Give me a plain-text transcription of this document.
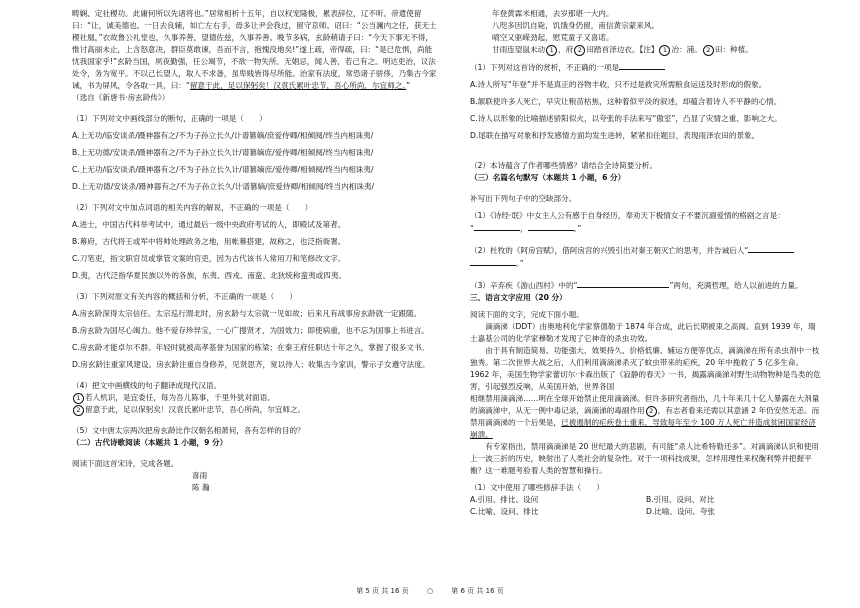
畴娴、定社稷功。此庸何所以先诸将也。”居常相析十五年，自以权宠隆极，累表辞位，辽不听。帝遣使留曰：“让，诚美德也。一日去良辅，如亡左右手，毋多让尹会我过，留守京师。诏曰：“公当澜内之任，获无土稷社凰，”衣故鲁公礼堂也，久事养善，望德佐兹，久事养善。晚节多病，玄龄稍请子曰：“今天下事无不得，惟讨高丽未止，上含怒意决，群臣莫敢谏，吾而不言，抱愧没地矣!”遂上疏，帝得疏，曰：“是已危惧，尚能忧我国家乎!”玄龄当国，夙夜勤强，任公竭节，不欲一物失所。无娼忌，闻人善，若己有之。明达吏治，议法处令，务为宽平。不以己长望人，取人不求备，虽卑贱皆得尽所能。治家有法度，常恐诸子骄侈，乃集古今家诫，书为屏风，令各取一具，曰：“留意于此，足以保躬矣！汉袁氏累叶忠节，吾心所尚，尔宜师之。”

（选自《新唐书·房玄龄传》）

（1）下列对文中画线部分的断句，正确的一项是（　　）

A.上无功/临安谈杀/蹑神器有之/不为子孙立长久/计谱篡嫡/庶爱侍卿/相倾阋/终当内相诛夷/

B.上无功德/安谈杀/蹑神器有之/不为子孙立长久计/谱篡嫡庶/爱侍卿/相倾阋/终当内相诛夷/

C.上无功/临安谈杀/蹑神器有之/不为子孙立长久计/谱篡嫡庶/爱侍卿/相倾阋/终当内相诛夷/

D.上无功德/安谈杀/蹑神器有之/不为子孙立长久/计谱篡嫡/庶爱侍卿/相倾阋/终当内相诛夷/

（2）下列对文中加点词语的相关内容的解说，不正确的一项是（　　）

A.进士，中国古代科举考试中，通过最后一级中央政府考试的人，即殿试及第者。

B.幕府，古代将王或军中将帅处理政务之地，用帐幕搭建，故称之，也泛指衙署。

C.刀笔吏，指文职官员或掌管文案的官吏，因为古代该书人常用刀和笔修改文字。

D.夷，古代泛指华夏民族以外的各族，东夷、西戎、南蛮、北狄统称蛮夷或四夷。

（3）下列对原文有关内容的概括和分析，不正确的一项是（　　）

A.房玄龄深得太宗信任。太宗巡行渭北时，房玄龄与太宗就一见如故；后来凡有战事房玄龄就一定跟随。

B.房玄龄为国尽心竭力。他不爱存珍异宝，一心广搜贤才，为国效力；即使病重，也不忘为国事上书进言。

C.房玄龄才能卓尔不群。年轻时就被高孝基誉为国家的栋梁；在秦王府任职达十年之久，掌握了很多文书。

D.房玄龄注重家风建设。房玄龄注重自身修养，见贤思齐，宽以待人；收集古今家训，警示子女遵守法度。

（4）把文中画横线的句子翻译成现代汉语。

1 若人机识，是宜委任，每为吾儿陈事，千里外犹对面语。

2 留意于此，足以保躬矣！汉袁氏累叶忠节，吾心所尚，尔宜师之。

（5）文中唐太宗两次把房玄龄比作汉朝名相萧何，各有怎样的目的？

（二）古代诗歌阅读（本题共 1 小题，9 分）

阅读下面这首宋诗，完成各题。

喜雨

陈 瀚

年登黄霖米相通，去岁那堪一大内。

八咫多因饥自毙，饥饿身仍留，甫信黄宗蒙来风。

晴空又驱嵘劲起，慰荒童子又喜诺。

甘雨连望鼠未动 1 ，府 2 田踏首泽边衣。【注】 1 冶：浦。 2 田：种植。

（1）下列对这首诗的赏析，不正确的一项是

A.诗人所写“年登”并不是真正的谷物丰收，只不过是救灾所需粮食运送及时形成的假象。

B.颔联使许多人死亡，早灾让粮苗枯焦，这种着似平淡的叙述，却蕴含着诗人不平静的心情。

C.诗人以形象的比喻描述骄阳似火，以夸张的手法来写“傲室”，凸显了灾情之重、影响之大。

D.尾联在描写对象和抒发感情方面均发生进转，紧紧扣住题目，表现雨泽农田的景象。

（2）本诗蕴含了作者哪些情感？请结合全诗简要分析。

（三）名篇名句默写（本题共 1 小题，6 分）

补写出下列句子中的空缺部分。

（1）《诗经·氓》中女主人公有感于自身经历，奉劝天下极情女子不要沉湎爱情的格剧之言是：

“	，	。”

（2）杜牧的《阿房宫赋》，借阿房宫的兴毁引出对秦王朝灭亡的思考，并告诫后人“。”

（3）辛弃疾《游山西村》中的“	”两句，充满哲理，给人以前进的力量。

三、语言文字应用（20 分）

阅读下面的文字，完成下面小题。

滴滴涕（DDT）由奥地利化学家蔡德勒于 1874 年合成，此后长期被束之高阁。直到 1939 年，瑞士嘉基公司的化学家穆勒才发现了它神奇的杀虫功效。

由于具有制造简易、功能强大、效果持久、价格低廉、辅运方便等优点，滴滴涕在所有杀虫剂中一枝独秀。第二次世界大战之后，人们利用滴滴涕杀灭了蚊虫带来的疟疾，20 年中挽救了 5 亿多生命。1962 年，美国生物学家蕾切尔·卡森出版了《寂静的春天》一书，揭露滴滴涕对野生动物物种是鸟类的危害，引起强烈反响，从美国开始，世界各国

相继禁用滴滴涕……明在全球开始禁止使用滴滴涕。但许多研究者指出，几十年来几十亿人暴露在大剂量的滴滴涕中，从无一例中毒记录，滴滴涕的毒副作用 2 ，有志者看来还需以其意涵 2 年仍安然无恙。而禁用滴滴涕的一个后果是，已被遏制的疟疾卷土重来，导致每年至少 100 万人死亡并造成贫困国家经济崩溃。

有专家指出，禁用滴滴涕是 20 世纪最大的悲剧，有可能“杀人比希特勒还多”。对滴滴涕认识和使用上一波三折的历史，映射出了人类社会的复杂性。对于一项科技成果，怎样用理性来权衡利弊并把握平衡？这一难题考验着人类的智慧和操行。

（1）文中使用了哪些修辞手法（　　）

A.引用、排比、设问	B.引用、设问、对比
C.比喻、设问、排比	D.比喻、设问、夸张
第 5 页 共 16 页	○	第 6 页 共 16 页
